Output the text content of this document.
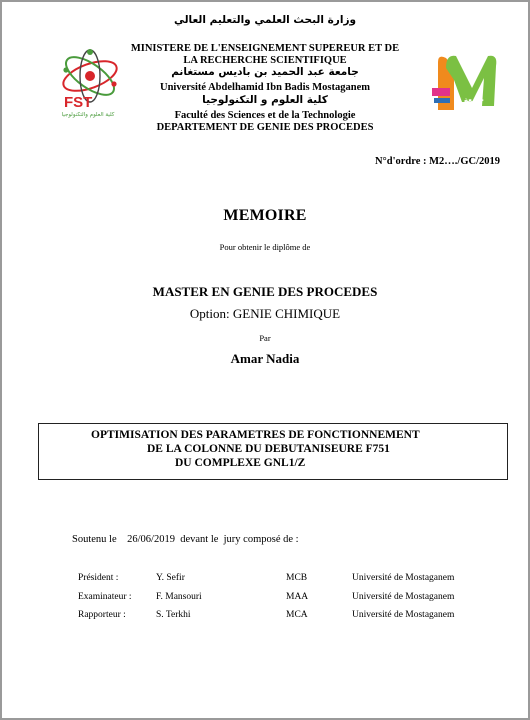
FST
كلية العلوم والتكنولوجيا
جامعة مستغانم
وزارة البحث العلمي والتعليم العالي
MINISTERE DE L'ENSEIGNEMENT SUPEREUR ET DE
LA RECHERCHE SCIENTIFIQUE
جامعة عبد الحميد بن باديس مستغانم
Université Abdelhamid Ibn Badis Mostaganem
كلية العلوم و التكنولوجيا
Faculté des Sciences et de la Technologie
DEPARTEMENT DE GENIE DES PROCEDES
N°d'ordre : M2…./GC/2019
MEMOIRE
Pour obtenir le diplôme de
MASTER EN GENIE DES PROCEDES
Option: GENIE CHIMIQUE
Par
Amar Nadia
OPTIMISATION DES PARAMETRES DE FONCTIONNEMENT
DE LA COLONNE DU DEBUTANISEURE F751
DU COMPLEXE GNL1/Z
Soutenu le    26/06/2019  devant le  jury composé de :
Président :	Y. Sefir	MCB	Université de Mostaganem
Examinateur :	F. Mansouri	MAA	Université de Mostaganem
Rapporteur :	S. Terkhi	MCA	Université de Mostaganem
